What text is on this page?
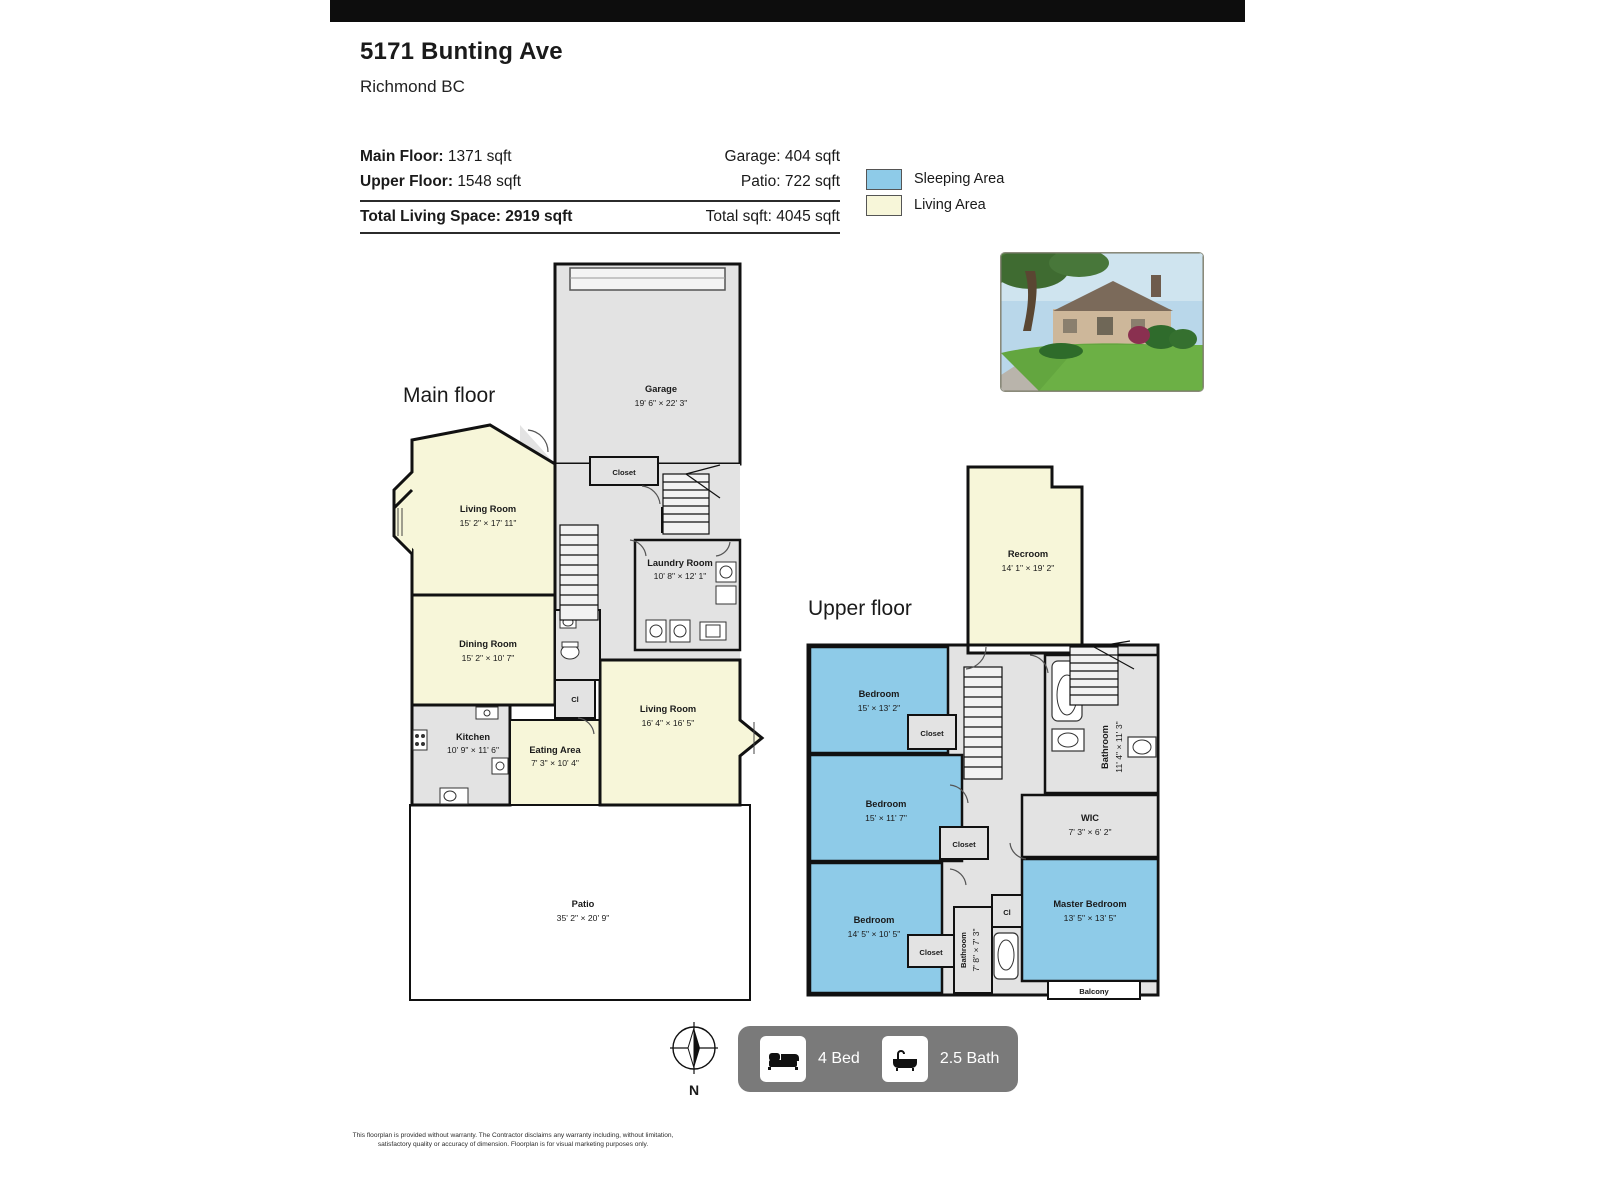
5171 Bunting Ave
Richmond BC
Main Floor: 1371 sqft	Garage: 404 sqft
Upper Floor: 1548 sqft	Patio: 722 sqft
Total Living Space: 2919 sqft	Total sqft: 4045 sqft
Sleeping Area
Living Area
Main floor
Upper floor
Patio
35' 2" × 20' 9"
Garage
19' 6" × 22' 3"
Living Room
15' 2" × 17' 11"
Dining Room
15' 2" × 10' 7"
Kitchen
10' 9" × 11' 6"	Eating Area
7' 3" × 10' 4"
Living Room
16' 4" × 16' 5"
Closet
Laundry Room
10' 8" × 12' 1"
Cl
Recroom
14' 1" × 19' 2"
Bedroom
15' × 13' 2"
Bedroom
15' × 11' 7"
Bedroom
14' 5" × 10' 5"
Closet
Closet
Closet
Bathroom 11' 4" × 11' 3"
WIC
7' 3" × 6' 2"
Master Bedroom
13' 5" × 13' 5"
Balcony
Bathroom 7' 8" × 7' 3"
Cl
N
4 Bed	2.5 Bath
This floorplan is provided without warranty. The Contractor disclaims any warranty including, without limitation, satisfactory quality or accuracy of dimension. Floorplan is for visual marketing purposes only.
